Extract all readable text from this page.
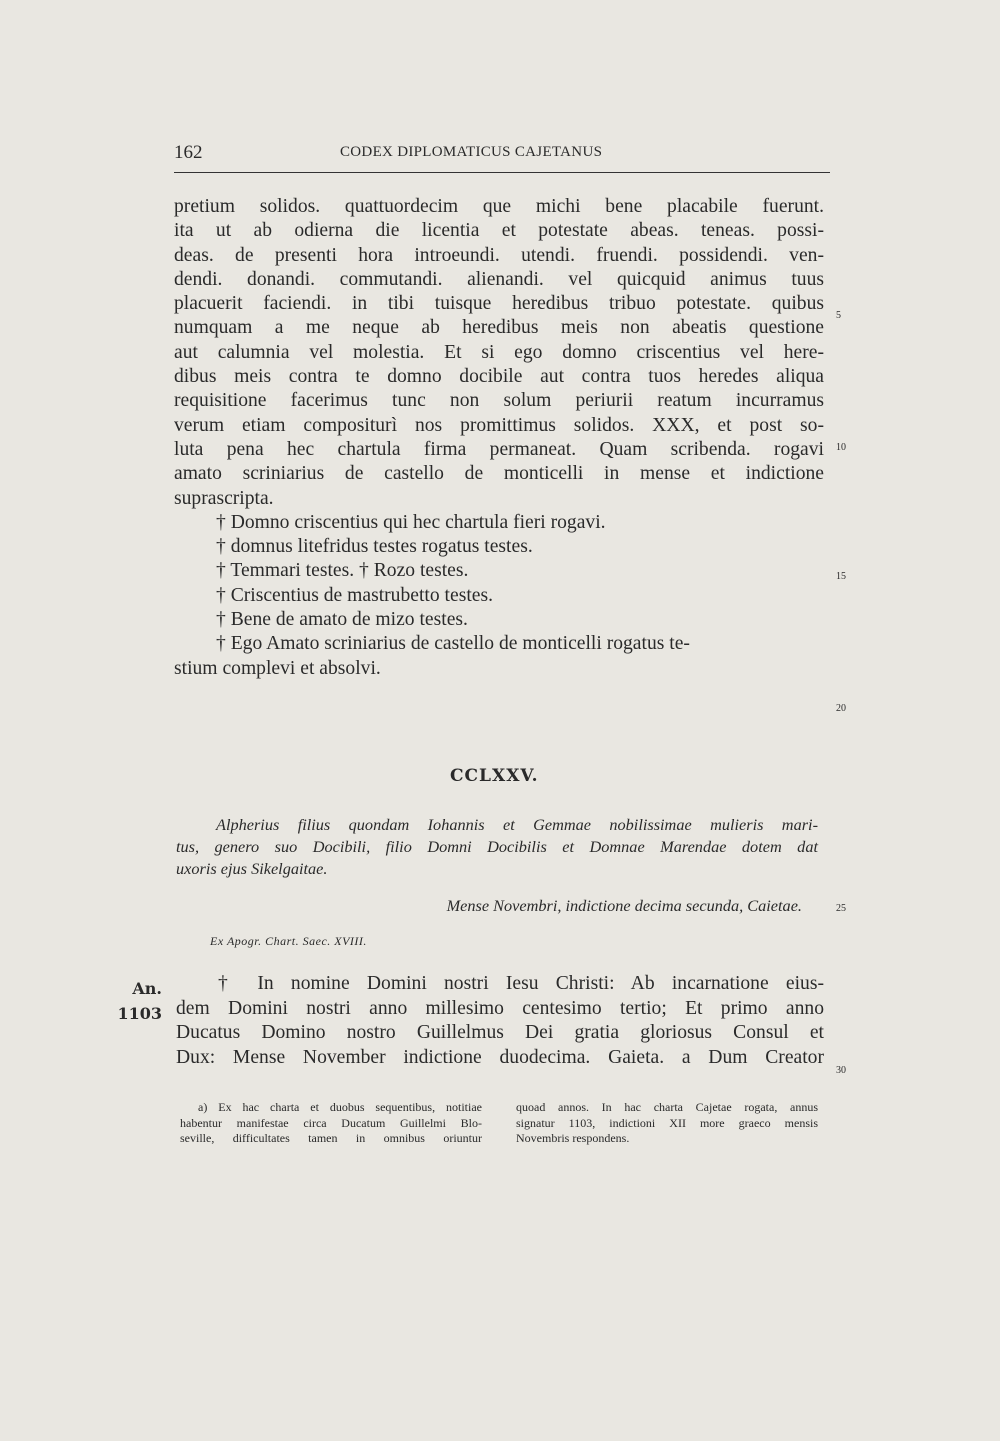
162	CODEX DIPLOMATICUS CAJETANUS
pretium solidos. quattuordecim que michi bene placabile fuerunt.
ita ut ab odierna die licentia et potestate abeas. teneas. possi-
deas. de presenti hora introeundi. utendi. fruendi. possidendi. ven-
dendi. donandi. commutandi. alienandi. vel quicquid animus tuus
placuerit faciendi. in tibi tuisque heredibus tribuo potestate. quibus
numquam a me neque ab heredibus meis non abeatis questione
aut calumnia vel molestia. Et si ego domno criscentius vel here-
dibus meis contra te domno docibile aut contra tuos heredes aliqua
requisitione facerimus tunc non solum periurii reatum incurramus
verum etiam compositurì nos promittimus solidos. XXX, et post so-
luta pena hec chartula firma permaneat. Quam scribenda. rogavi
amato scriniarius de castello de monticelli in mense et indictione
suprascripta.
† Domno criscentius qui hec chartula fieri rogavi.
† domnus litefridus testes rogatus testes.
† Temmari testes. † Rozo testes.
† Criscentius de mastrubetto testes.
† Bene de amato de mizo testes.
† Ego Amato scriniarius de castello de monticelli rogatus te-
stium complevi et absolvi.
5
10
15
20
25
30
CCLXXV.
Alpherius filius quondam Iohannis et Gemmae nobilissimae mulieris mari-
tus, genero suo Docibili, filio Domni Docibilis et Domnae Marendae dotem dat
uxoris ejus Sikelgaitae.
Mense Novembri, indictione decima secunda, Caietae.
Ex Apogr. Chart. Saec. XVIII.
An.
1103
† In nomine Domini nostri Iesu Christi: Ab incarnatione eius-
dem Domini nostri anno millesimo centesimo tertio; Et primo anno
Ducatus Domino nostro Guillelmus Dei gratia gloriosus Consul et
Dux: Mense November indictione duodecima. Gaieta. a Dum Creator
a) Ex hac charta et duobus sequentibus, notitiae
habentur manifestae circa Ducatum Guillelmi Blo-
seville, difficultates tamen in omnibus oriuntur
quoad annos. In hac charta Cajetae rogata, annus
signatur 1103, indictioni XII more graeco mensis
Novembris respondens.
